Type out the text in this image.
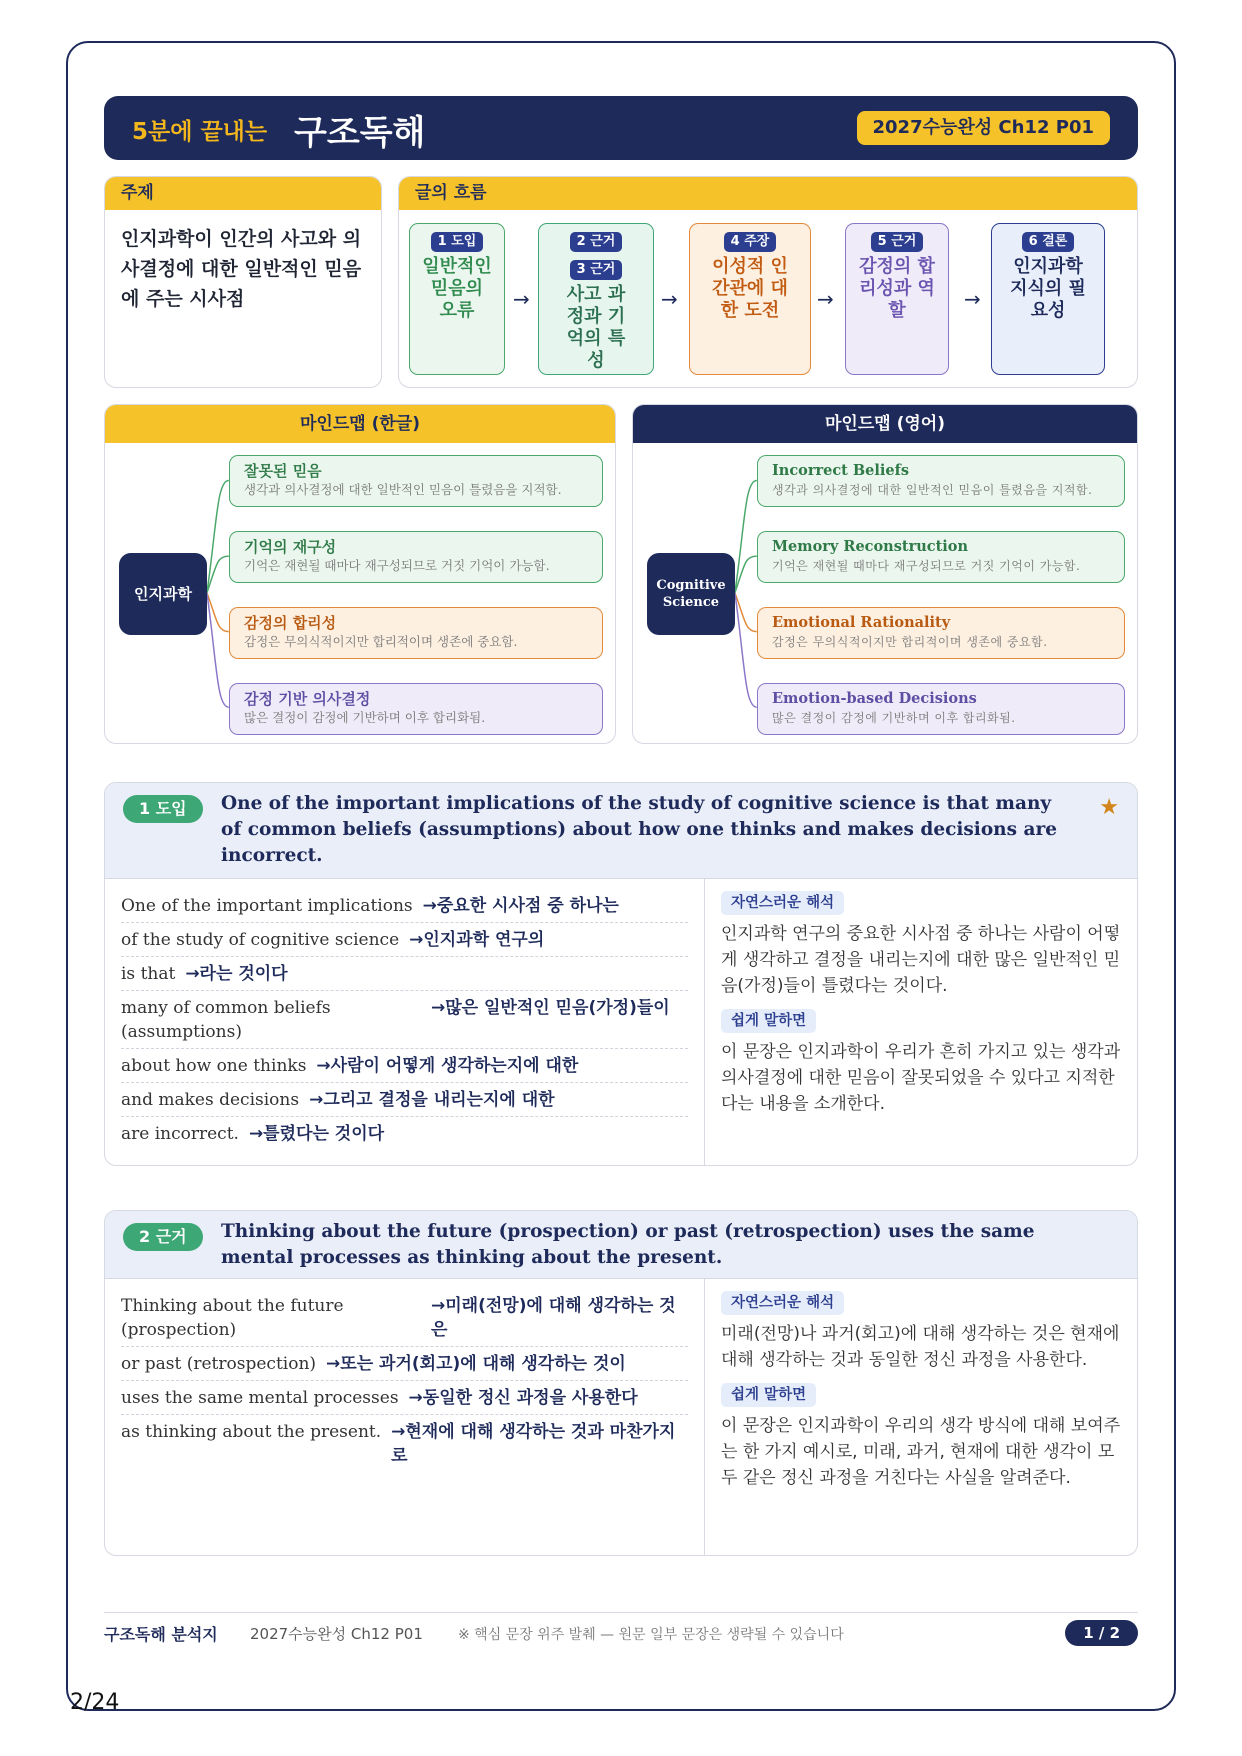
5분에 끝내는 구조독해	2027수능완성 Ch12 P01
주제
인지과학이 인간의 사고와 의사결정에 대한 일반적인 믿음에 주는 시사점
글의 흐름
1 도입
일반적인 믿음의 오류	→
2 근거
3 근거
사고 과정과 기억의 특성
→
4 주장
이성적 인간관에 대한 도전	→
5 근거
감정의 합리성과 역할	→
6 결론
인지과학 지식의 필요성
마인드맵 (한글)
인지과학
잘못된 믿음
생각과 의사결정에 대한 일반적인 믿음이 틀렸음을 지적함.
기억의 재구성
기억은 재현될 때마다 재구성되므로 거짓 기억이 가능함.
감정의 합리성
감정은 무의식적이지만 합리적이며 생존에 중요함.
감정 기반 의사결정
많은 결정이 감정에 기반하며 이후 합리화됨.
마인드맵 (영어)
Cognitive
Science
Incorrect Beliefs
생각과 의사결정에 대한 일반적인 믿음이 틀렸음을 지적함.
Memory Reconstruction
기억은 재현될 때마다 재구성되므로 거짓 기억이 가능함.
Emotional Rationality
감정은 무의식적이지만 합리적이며 생존에 중요함.
Emotion-based Decisions
많은 결정이 감정에 기반하며 이후 합리화됨.
1 도입	One of the important implications of the study of cognitive science is that many of common beliefs (assumptions) about how one thinks and makes decisions are incorrect.
★
One of the important implications →중요한 시사점 중 하나는
of the study of cognitive science →인지과학 연구의
is that →라는 것이다
many of common beliefs (assumptions)
→많은 일반적인 믿음(가정)들이
about how one thinks →사람이 어떻게 생각하는지에 대한
and makes decisions →그리고 결정을 내리는지에 대한
are incorrect. →틀렸다는 것이다
자연스러운 해석
인지과학 연구의 중요한 시사점 중 하나는 사람이 어떻게 생각하고 결정을 내리는지에 대한 많은 일반적인 믿음(가정)들이 틀렸다는 것이다.
쉽게 말하면
이 문장은 인지과학이 우리가 흔히 가지고 있는 생각과 의사결정에 대한 믿음이 잘못되었을 수 있다고 지적한다는 내용을 소개한다.
2 근거	Thinking about the future (prospection) or past (retrospection) uses the same mental processes as thinking about the present.
Thinking about the future (prospection)
→미래(전망)에 대해 생각하는 것은
or past (retrospection) →또는 과거(회고)에 대해 생각하는 것이
uses the same mental processes →동일한 정신 과정을 사용한다
as thinking about the present. →현재에 대해 생각하는 것과 마찬가지로
자연스러운 해석
미래(전망)나 과거(회고)에 대해 생각하는 것은 현재에 대해 생각하는 것과 동일한 정신 과정을 사용한다.
쉽게 말하면
이 문장은 인지과학이 우리의 생각 방식에 대해 보여주는 한 가지 예시로, 미래, 과거, 현재에 대한 생각이 모두 같은 정신 과정을 거친다는 사실을 알려준다.
구조독해 분석지 2027수능완성 Ch12 P01	※ 핵심 문장 위주 발췌 — 원문 일부 문장은 생략될 수 있습니다	1 / 2
2/24
